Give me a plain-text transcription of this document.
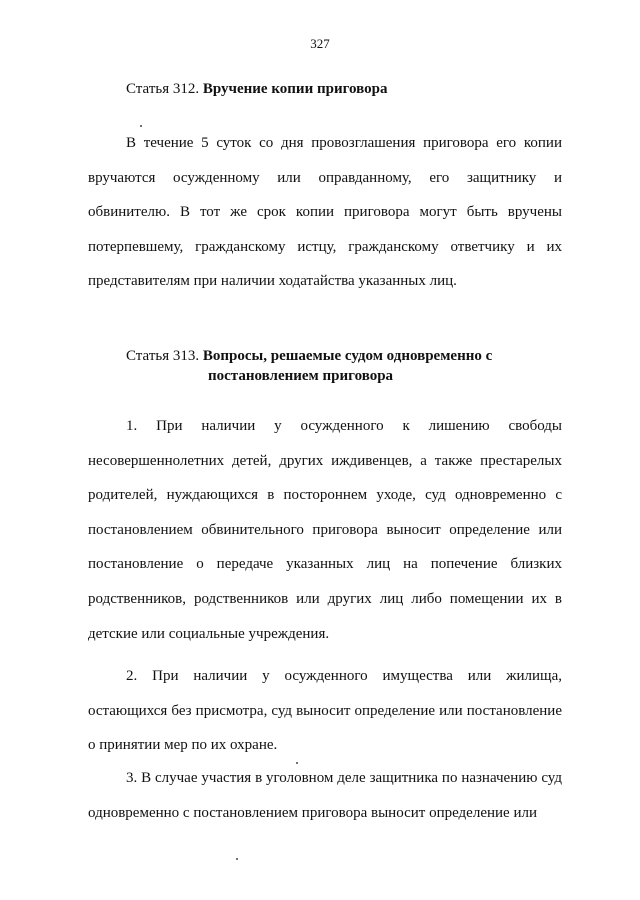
327
Статья 312. Вручение копии приговора

В течение 5 суток со дня провозглашения приговора его копии вручаются осужденному или оправданному, его защитнику и обвинителю. В тот же срок копии приговора могут быть вручены потерпевшему, гражданскому истцу, гражданскому ответчику и их представителям при наличии ходатайства указанных лиц.

Статья 313. Вопросы, решаемые судом одновременно с
постановлением приговора

1. При наличии у осужденного к лишению свободы несовершеннолетних детей, других иждивенцев, а также престарелых родителей, нуждающихся в постороннем уходе, суд одновременно с постановлением обвинительного приговора выносит определение или постановление о передаче указанных лиц на попечение близких родственников, родственников или других лиц либо помещении их в детские или социальные учреждения.

2. При наличии у осужденного имущества или жилища, остающихся без присмотра, суд выносит определение или постановление о принятии мер по их охране.

3. В случае участия в уголовном деле защитника по назначению суд одновременно с постановлением приговора выносит определение или
